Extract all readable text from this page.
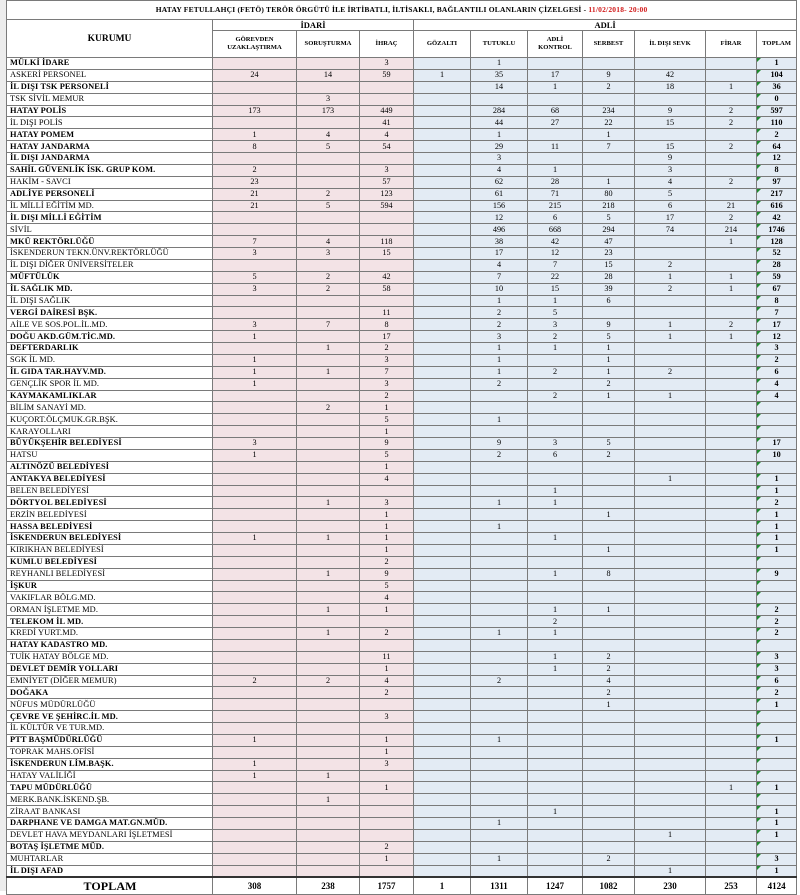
HATAY FETULLAHÇI (FETÖ) TERÖR ÖRGÜTÜ İLE İRTİBATLI, İLTİSAKLI, BAĞLANTILI OLANLARIN ÇİZELGESİ - 11/02/2018- 20:00										
KURUMU	İDARİ			ADLİ						
	GÖREVDEN UZAKLAŞTIRMA	SORUŞTURMA	İHRAÇ	GÖZALTI	TUTUKLU	ADLİ KONTROL	SERBEST	İL DIŞI SEVK	FİRAR	TOPLAM
MÜLKİ İDARE			3		1					1
ASKERİ PERSONEL	24	14	59	1	35	17	9	42		104
İL DIŞI TSK PERSONELİ					14	1	2	18	1	36
TSK SİVİL MEMUR		3								0
HATAY POLİS	173	173	449		284	68	234	9	2	597
İL DIŞI POLİS			41		44	27	22	15	2	110
HATAY POMEM	1	4	4		1		1			2
HATAY JANDARMA	8	5	54		29	11	7	15	2	64
İL DIŞI JANDARMA					3			9		12
SAHİL GÜVENLİK İSK. GRUP KOM.	2		3		4	1		3		8
HAKİM - SAVCI	23		57		62	28	1	4	2	97
ADLİYE PERSONELİ	21	2	123		61	71	80	5		217
İL MİLLİ EĞİTİM MD.	21	5	594		156	215	218	6	21	616
İL DIŞI MİLLİ EĞİTİM					12	6	5	17	2	42
SİVİL					496	668	294	74	214	1746
MKÜ REKTÖRLÜĞÜ	7	4	118		38	42	47		1	128
İSKENDERUN TEKN.ÜNV.REKTÖRLÜĞÜ	3	3	15		17	12	23			52
İL DIŞI DİĞER ÜNİVERSİTELER					4	7	15	2		28
MÜFTÜLÜK	5	2	42		7	22	28	1	1	59
İL SAĞLIK MD.	3	2	58		10	15	39	2	1	67
İL DIŞI SAĞLIK					1	1	6			8
VERGİ DAİRESİ BŞK.			11		2	5				7
AİLE VE SOS.POL.İL.MD.	3	7	8		2	3	9	1	2	17
DOĞU AKD.GÜM.TİC.MD.	1		17		3	2	5	1	1	12
DEFTERDARLIK		1	2		1	1	1			3
SGK İL MD.	1		3		1		1			2
İL GIDA TAR.HAYV.MD.	1	1	7		1	2	1	2		6
GENÇLİK SPOR İL MD.	1		3		2		2			4
KAYMAKAMLIKLAR			2			2	1	1		4
BİLİM SANAYİ MD.		2	1							
KUÇORT.ÖLÇMUK.GR.BŞK.			5		1					
KARAYOLLARI			1							
BÜYÜKŞEHİR BELEDİYESİ	3		9		9	3	5			17
HATSU	1		5		2	6	2			10
ALTINÖZÜ BELEDİYESİ			1							
ANTAKYA BELEDİYESİ			4					1		1
BELEN BELEDİYESİ						1				1
DÖRTYOL BELEDİYESİ		1	3		1	1				2
ERZİN BELEDİYESİ			1				1			1
HASSA BELEDİYESİ			1		1					1
İSKENDERUN BELEDİYESİ	1	1	1			1				1
KIRIKHAN BELEDİYESİ			1				1			1
KUMLU BELEDİYESİ			2							
REYHANLI BELEDİYESİ		1	9			1	8			9
İŞKUR			5							
VAKIFLAR BÖLG.MD.			4							
ORMAN İŞLETME MD.		1	1			1	1			2
TELEKOM İL MD.						2				2
KREDİ YURT.MD.		1	2		1	1				2
HATAY KADASTRO MD.										
TUİK HATAY BÖLGE MD.			11			1	2			3
DEVLET DEMİR YOLLARI			1			1	2			3
EMNİYET (DİĞER MEMUR)	2	2	4		2		4			6
DOĞAKA			2				2			2
NÜFUS MÜDÜRLÜĞÜ							1			1
ÇEVRE VE ŞEHİRC.İL MD.			3							
İL KÜLTÜR VE TUR.MD.										
PTT BAŞMÜDÜRLÜĞÜ	1		1		1					1
TOPRAK MAHS.OFİSİ			1							
İSKENDERUN LİM.BAŞK.	1		3							
HATAY VALİLİĞİ	1	1								
TAPU MÜDÜRLÜĞÜ			1						1	1
MERK.BANK.İSKEND.ŞB.		1								
ZİRAAT BANKASI						1				1
DARPHANE VE DAMGA MAT.GN.MÜD.					1					1
DEVLET HAVA MEYDANLARI İŞLETMESİ								1		1
BOTAŞ İŞLETME MÜD.			2							
MUHTARLAR			1		1		2			3
İL DIŞI AFAD								1		1
TOPLAM	308	238	1757	1	1311	1247	1082	230	253	4124
